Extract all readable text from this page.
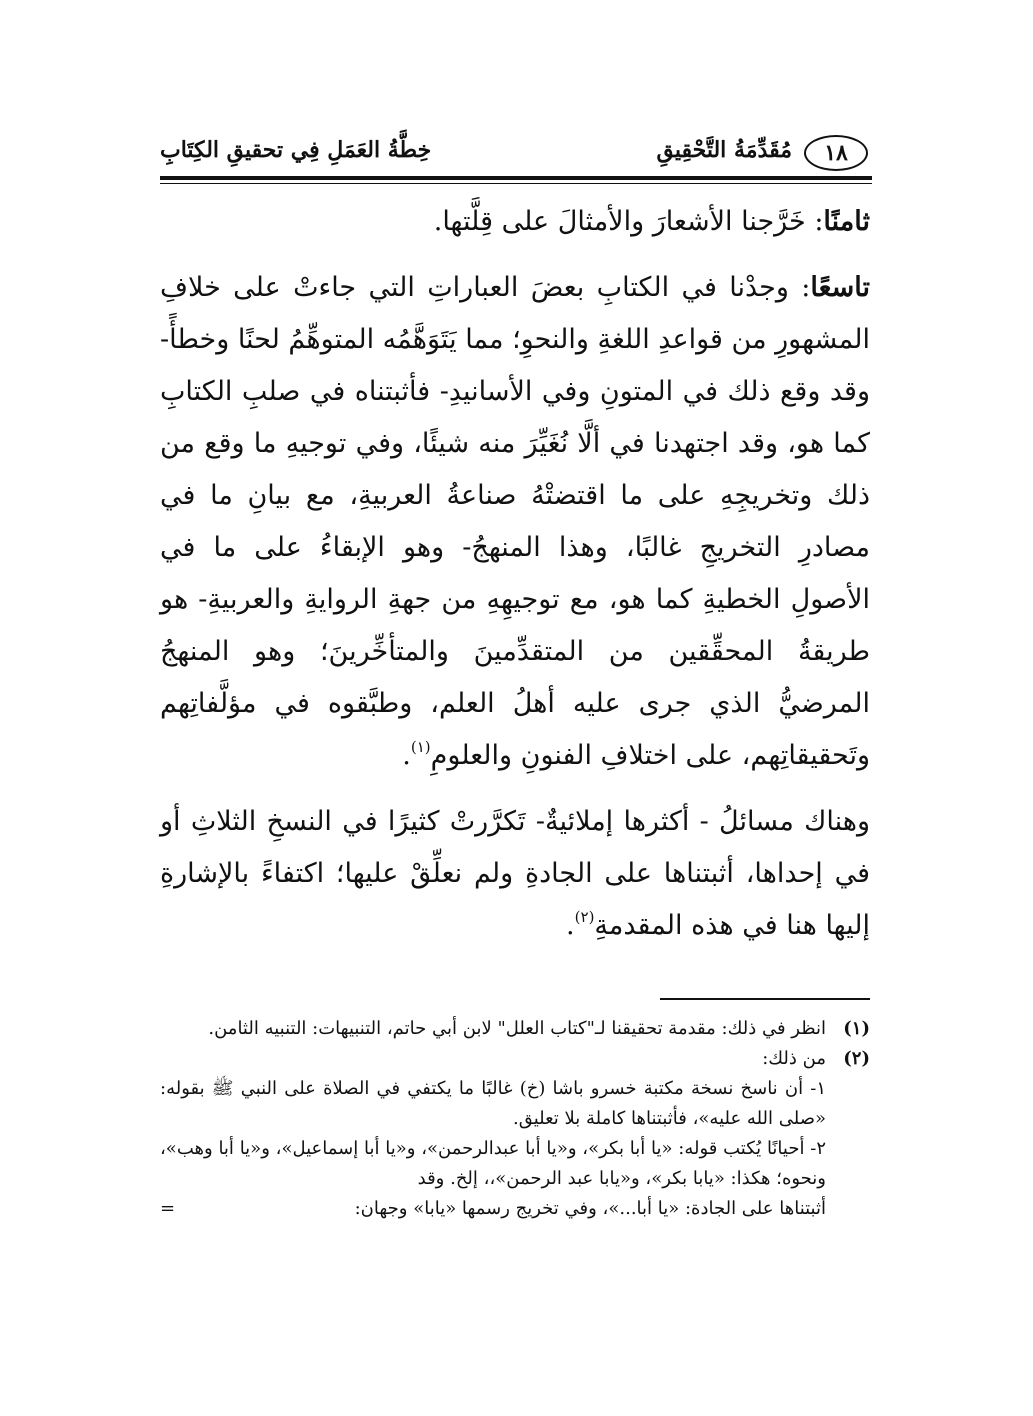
١٨
مُقَدِّمَةُ التَّحْقِيقِ
خِطَّةُ العَمَلِ فِي تحقيقِ الكِتَابِ

ثامنًا: خَرَّجنا الأشعارَ والأمثالَ على قِلَّتها.

تاسعًا: وجدْنا في الكتابِ بعضَ العباراتِ التي جاءتْ على خلافِ المشهورِ من قواعدِ اللغةِ والنحوِ؛ مما يَتَوَهَّمُه المتوهِّمُ لحنًا وخطأً- وقد وقع ذلك في المتونِ وفي الأسانيدِ- فأثبتناه في صلبِ الكتابِ كما هو، وقد اجتهدنا في ألَّا نُغَيِّرَ منه شيئًا، وفي توجيهِ ما وقع من ذلك وتخريجِهِ على ما اقتضتْهُ صناعةُ العربيةِ، مع بيانِ ما في مصادرِ التخريجِ غالبًا، وهذا المنهجُ- وهو الإبقاءُ على ما في الأصولِ الخطيةِ كما هو، مع توجيهِهِ من جهةِ الروايةِ والعربيةِ- هو طريقةُ المحقِّقين من المتقدِّمينَ والمتأخِّرينَ؛ وهو المنهجُ المرضيُّ الذي جرى عليه أهلُ العلم، وطبَّقوه في مؤلَّفاتِهم وتَحقيقاتِهم، على اختلافِ الفنونِ والعلومِ$^{(١)}$.

وهناك مسائلُ - أكثرها إملائيةٌ- تَكرَّرتْ كثيرًا في النسخِ الثلاثِ أو في إحداها، أثبتناها على الجادةِ ولم نعلِّقْ عليها؛ اكتفاءً بالإشارةِ إليها هنا في هذه المقدمةِ$^{(٢)}$.

(١)
انظر في ذلك: مقدمة تحقيقنا لـ"كتاب العلل" لابن أبي حاتم، التنبيهات: التنبيه الثامن.
(٢)
من ذلك:

١- أن ناسخ نسخة مكتبة خسرو باشا (خ) غالبًا ما يكتفي في الصلاة على النبي ﷺ بقوله: «صلى الله عليه»، فأثبتناها كاملة بلا تعليق.

٢- أحيانًا يُكتب قوله: «يا أبا بكر»، و«يا أبا عبدالرحمن»، و«يا أبا إسماعيل»، و«يا أبا وهب»، ونحوه؛ هكذا: «يابا بكر»، و«يابا عبد الرحمن»،، إلخ. وقد

أثبتناها على الجادة: «يا أبا...»، وفي تخريج رسمها «يابا» وجهان:
=
